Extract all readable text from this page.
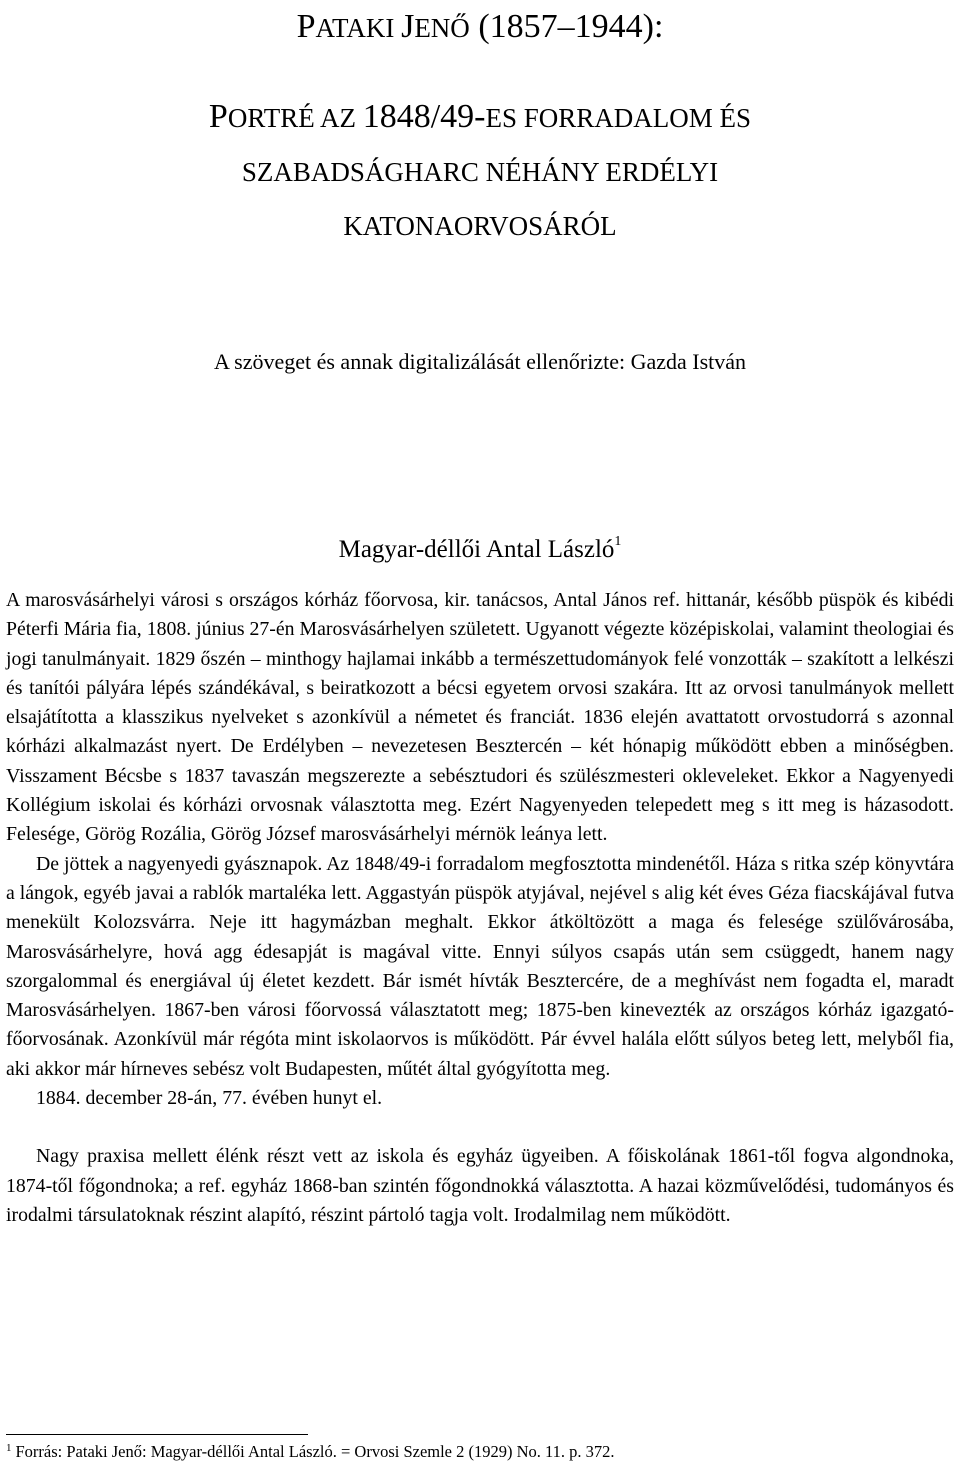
PATAKI JENŐ (1857–1944):
PORTRÉ AZ 1848/49-ES FORRADALOM ÉS
SZABADSÁGHARC NÉHÁNY ERDÉLYI
KATONAORVOSÁRÓL
A szöveget és annak digitalizálását ellenőrizte: Gazda István
Magyar-déllői Antal László$^1$

A marosvásárhelyi városi s országos kórház főorvosa, kir. tanácsos, Antal János ref. hittanár, később püspök és kibédi Péterfi Mária fia, 1808. június 27-én Marosvásárhelyen született. Ugyanott végezte középiskolai, valamint theologiai és jogi tanulmányait. 1829 őszén – minthogy hajlamai inkább a természettudományok felé vonzották – szakított a lelkészi és tanítói pályára lépés szándékával, s beiratkozott a bécsi egyetem orvosi szakára. Itt az orvosi tanulmányok mellett elsajátította a klasszikus nyelveket s azonkívül a németet és franciát. 1836 elején avattatott orvostudorrá s azonnal kórházi alkalmazást nyert. De Erdélyben – nevezetesen Besztercén – két hónapig működött ebben a minőségben. Visszament Bécsbe s 1837 tavaszán megszerezte a sebésztudori és szülészmesteri okleveleket. Ekkor a Nagyenyedi Kollégium iskolai és kórházi orvosnak választotta meg. Ezért Nagyenyeden telepedett meg s itt meg is házasodott. Felesége, Görög Rozália, Görög József marosvásárhelyi mérnök leánya lett.

De jöttek a nagyenyedi gyásznapok. Az 1848/49-i forradalom megfosztotta mindenétől. Háza s ritka szép könyvtára a lángok, egyéb javai a rablók martaléka lett. Aggastyán püspök atyjával, nejével s alig két éves Géza fiacskájával futva menekült Kolozsvárra. Neje itt hagymázban meghalt. Ekkor átköltözött a maga és felesége szülővárosába, Marosvásárhelyre, hová agg édesapját is magával vitte. Ennyi súlyos csapás után sem csüggedt, hanem nagy szorgalommal és energiával új életet kezdett. Bár ismét hívták Besztercére, de a meghívást nem fogadta el, maradt Marosvásárhelyen. 1867-ben városi főorvossá választatott meg; 1875-ben kinevezték az országos kórház igazgató-főorvosának. Azonkívül már régóta mint iskolaorvos is működött. Pár évvel halála előtt súlyos beteg lett, melyből fia, aki akkor már hírneves sebész volt Budapesten, műtét által gyógyította meg.

1884. december 28-án, 77. évében hunyt el.

Nagy praxisa mellett élénk részt vett az iskola és egyház ügyeiben. A főiskolának 1861-től fogva algondnoka, 1874-től főgondnoka; a ref. egyház 1868-ban szintén főgondnokká választotta. A hazai közművelődési, tudományos és irodalmi társulatoknak részint alapító, részint pártoló tagja volt. Irodalmilag nem működött.

$^1$ Forrás: Pataki Jenő: Magyar-déllői Antal László. = Orvosi Szemle 2 (1929) No. 11. p. 372.
